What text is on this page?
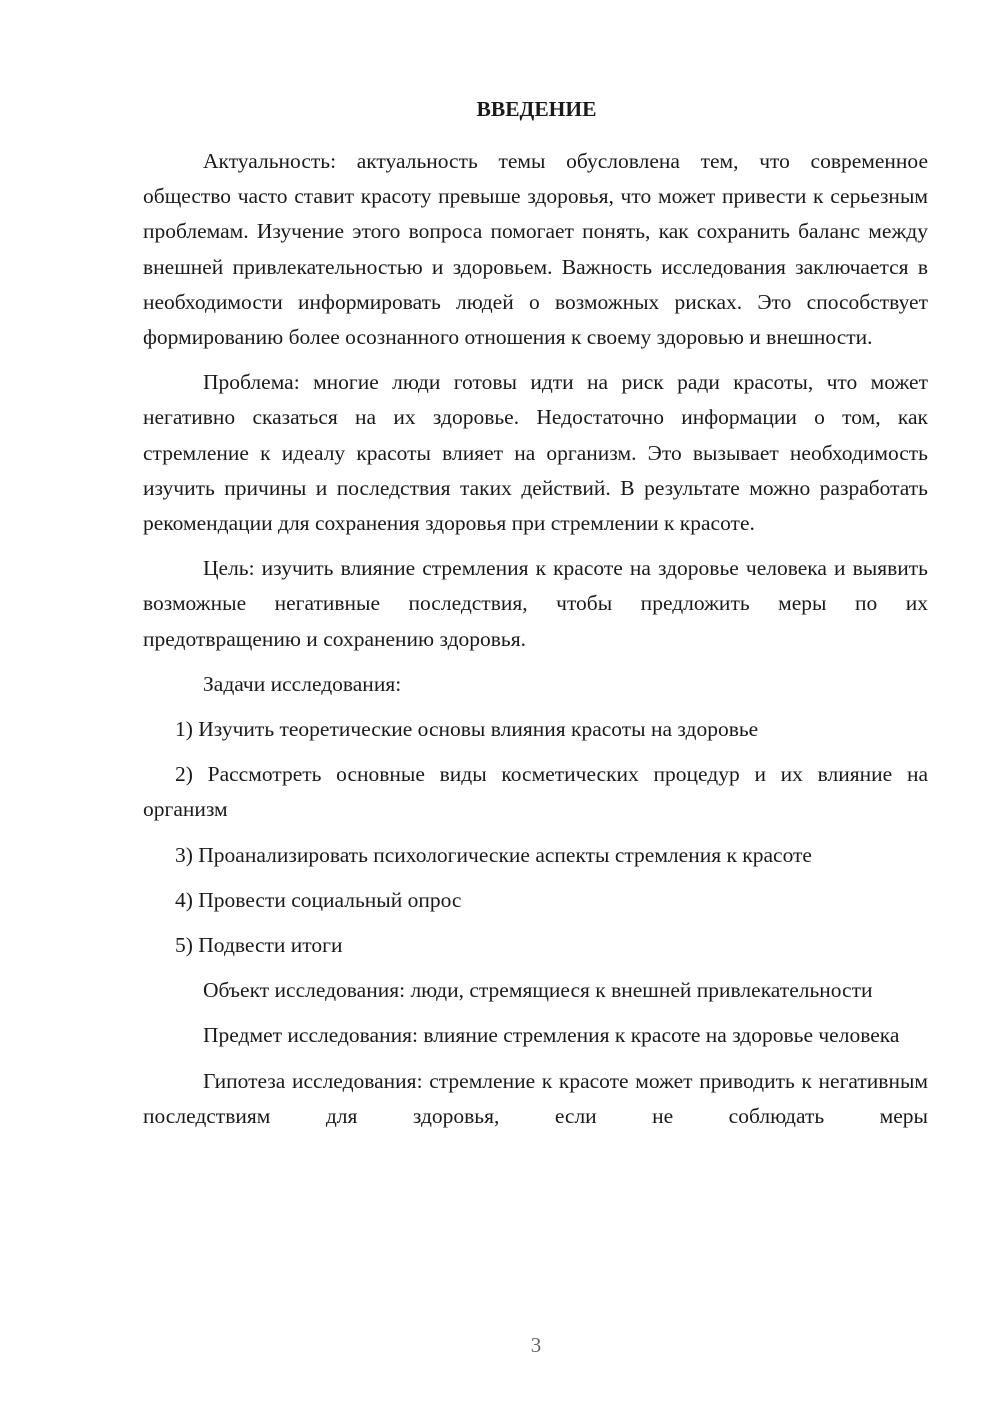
ВВЕДЕНИЕ

Актуальность: актуальность темы обусловлена тем, что современное общество часто ставит красоту превыше здоровья, что может привести к серьезным проблемам. Изучение этого вопроса помогает понять, как сохранить баланс между внешней привлекательностью и здоровьем. Важность исследования заключается в необходимости информировать людей о возможных рисках. Это способствует формированию более осознанного отношения к своему здоровью и внешности.

Проблема: многие люди готовы идти на риск ради красоты, что может негативно сказаться на их здоровье. Недостаточно информации о том, как стремление к идеалу красоты влияет на организм. Это вызывает необходимость изучить причины и последствия таких действий. В результате можно разработать рекомендации для сохранения здоровья при стремлении к красоте.

Цель: изучить влияние стремления к красоте на здоровье человека и выявить возможные негативные последствия, чтобы предложить меры по их предотвращению и сохранению здоровья.

Задачи исследования:

1) Изучить теоретические основы влияния красоты на здоровье

2) Рассмотреть основные виды косметических процедур и их влияние на организм

3) Проанализировать психологические аспекты стремления к красоте

4) Провести социальный опрос

5) Подвести итоги

Объект исследования: люди, стремящиеся к внешней привлекательности

Предмет исследования: влияние стремления к красоте на здоровье человека

Гипотеза исследования: стремление к красоте может приводить к негативным последствиям для здоровья, если не соблюдать меры

3
